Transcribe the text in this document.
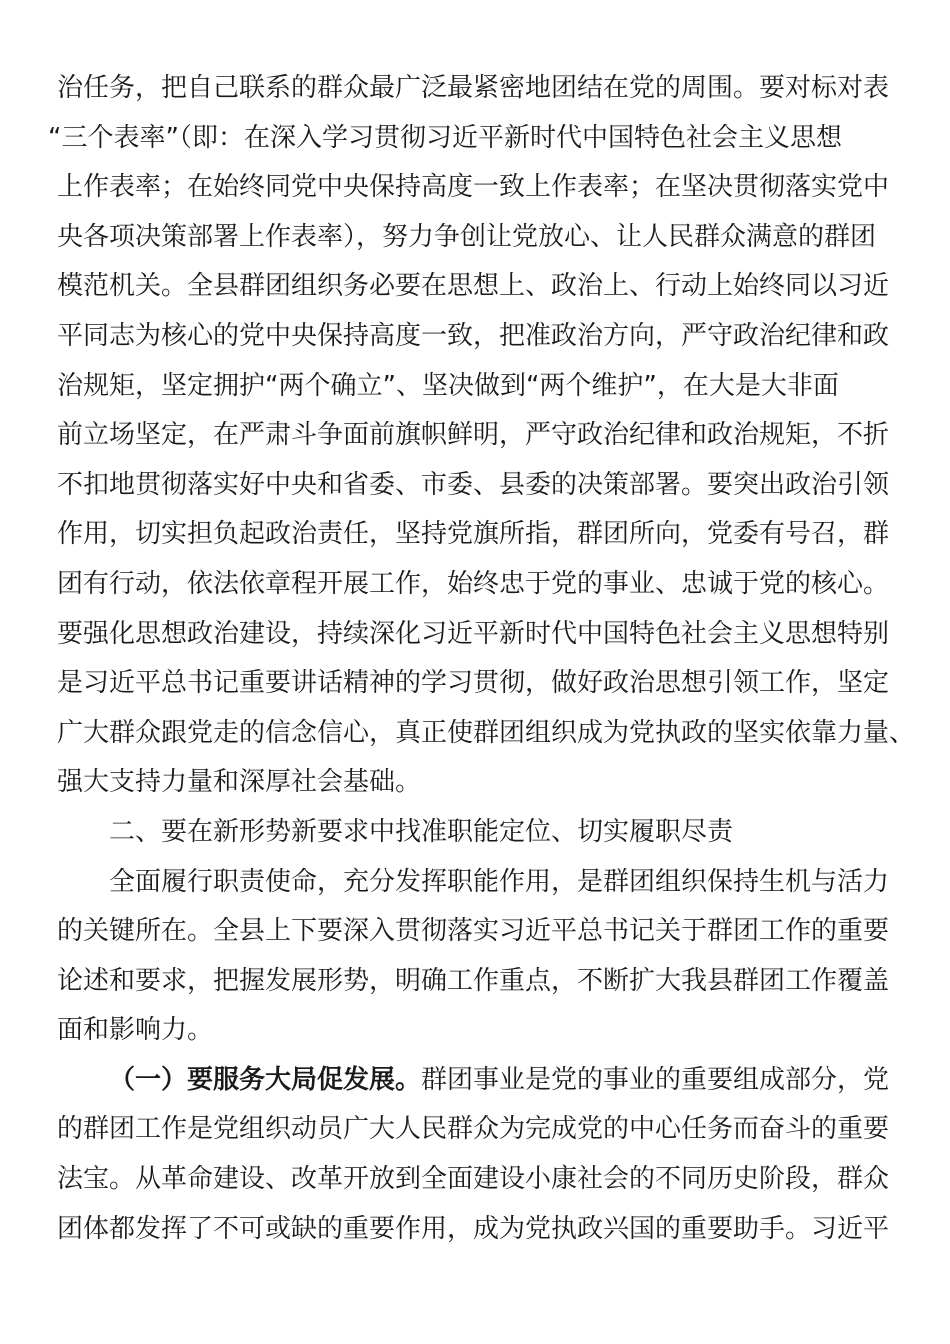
治任务，把自己联系的群众最广泛最紧密地团结在党的周围。要对标对表
“三个表率”（即：在深入学习贯彻习近平新时代中国特色社会主义思想
上作表率；在始终同党中央保持高度一致上作表率；在坚决贯彻落实党中
央各项决策部署上作表率），努力争创让党放心、让人民群众满意的群团
模范机关。全县群团组织务必要在思想上、政治上、行动上始终同以习近
平同志为核心的党中央保持高度一致，把准政治方向，严守政治纪律和政
治规矩，坚定拥护“两个确立”、坚决做到“两个维护”，在大是大非面
前立场坚定，在严肃斗争面前旗帜鲜明，严守政治纪律和政治规矩，不折
不扣地贯彻落实好中央和省委、市委、县委的决策部署。要突出政治引领
作用，切实担负起政治责任，坚持党旗所指，群团所向，党委有号召，群
团有行动，依法依章程开展工作，始终忠于党的事业、忠诚于党的核心。
要强化思想政治建设，持续深化习近平新时代中国特色社会主义思想特别
是习近平总书记重要讲话精神的学习贯彻，做好政治思想引领工作，坚定
广大群众跟党走的信念信心，真正使群团组织成为党执政的坚实依靠力量、
强大支持力量和深厚社会基础。

二、要在新形势新要求中找准职能定位、切实履职尽责

全面履行职责使命，充分发挥职能作用，是群团组织保持生机与活力
的关键所在。全县上下要深入贯彻落实习近平总书记关于群团工作的重要
论述和要求，把握发展形势，明确工作重点，不断扩大我县群团工作覆盖
面和影响力。

（一）要服务大局促发展。群团事业是党的事业的重要组成部分，党
的群团工作是党组织动员广大人民群众为完成党的中心任务而奋斗的重要
法宝。从革命建设、改革开放到全面建设小康社会的不同历史阶段，群众
团体都发挥了不可或缺的重要作用，成为党执政兴国的重要助手。习近平
